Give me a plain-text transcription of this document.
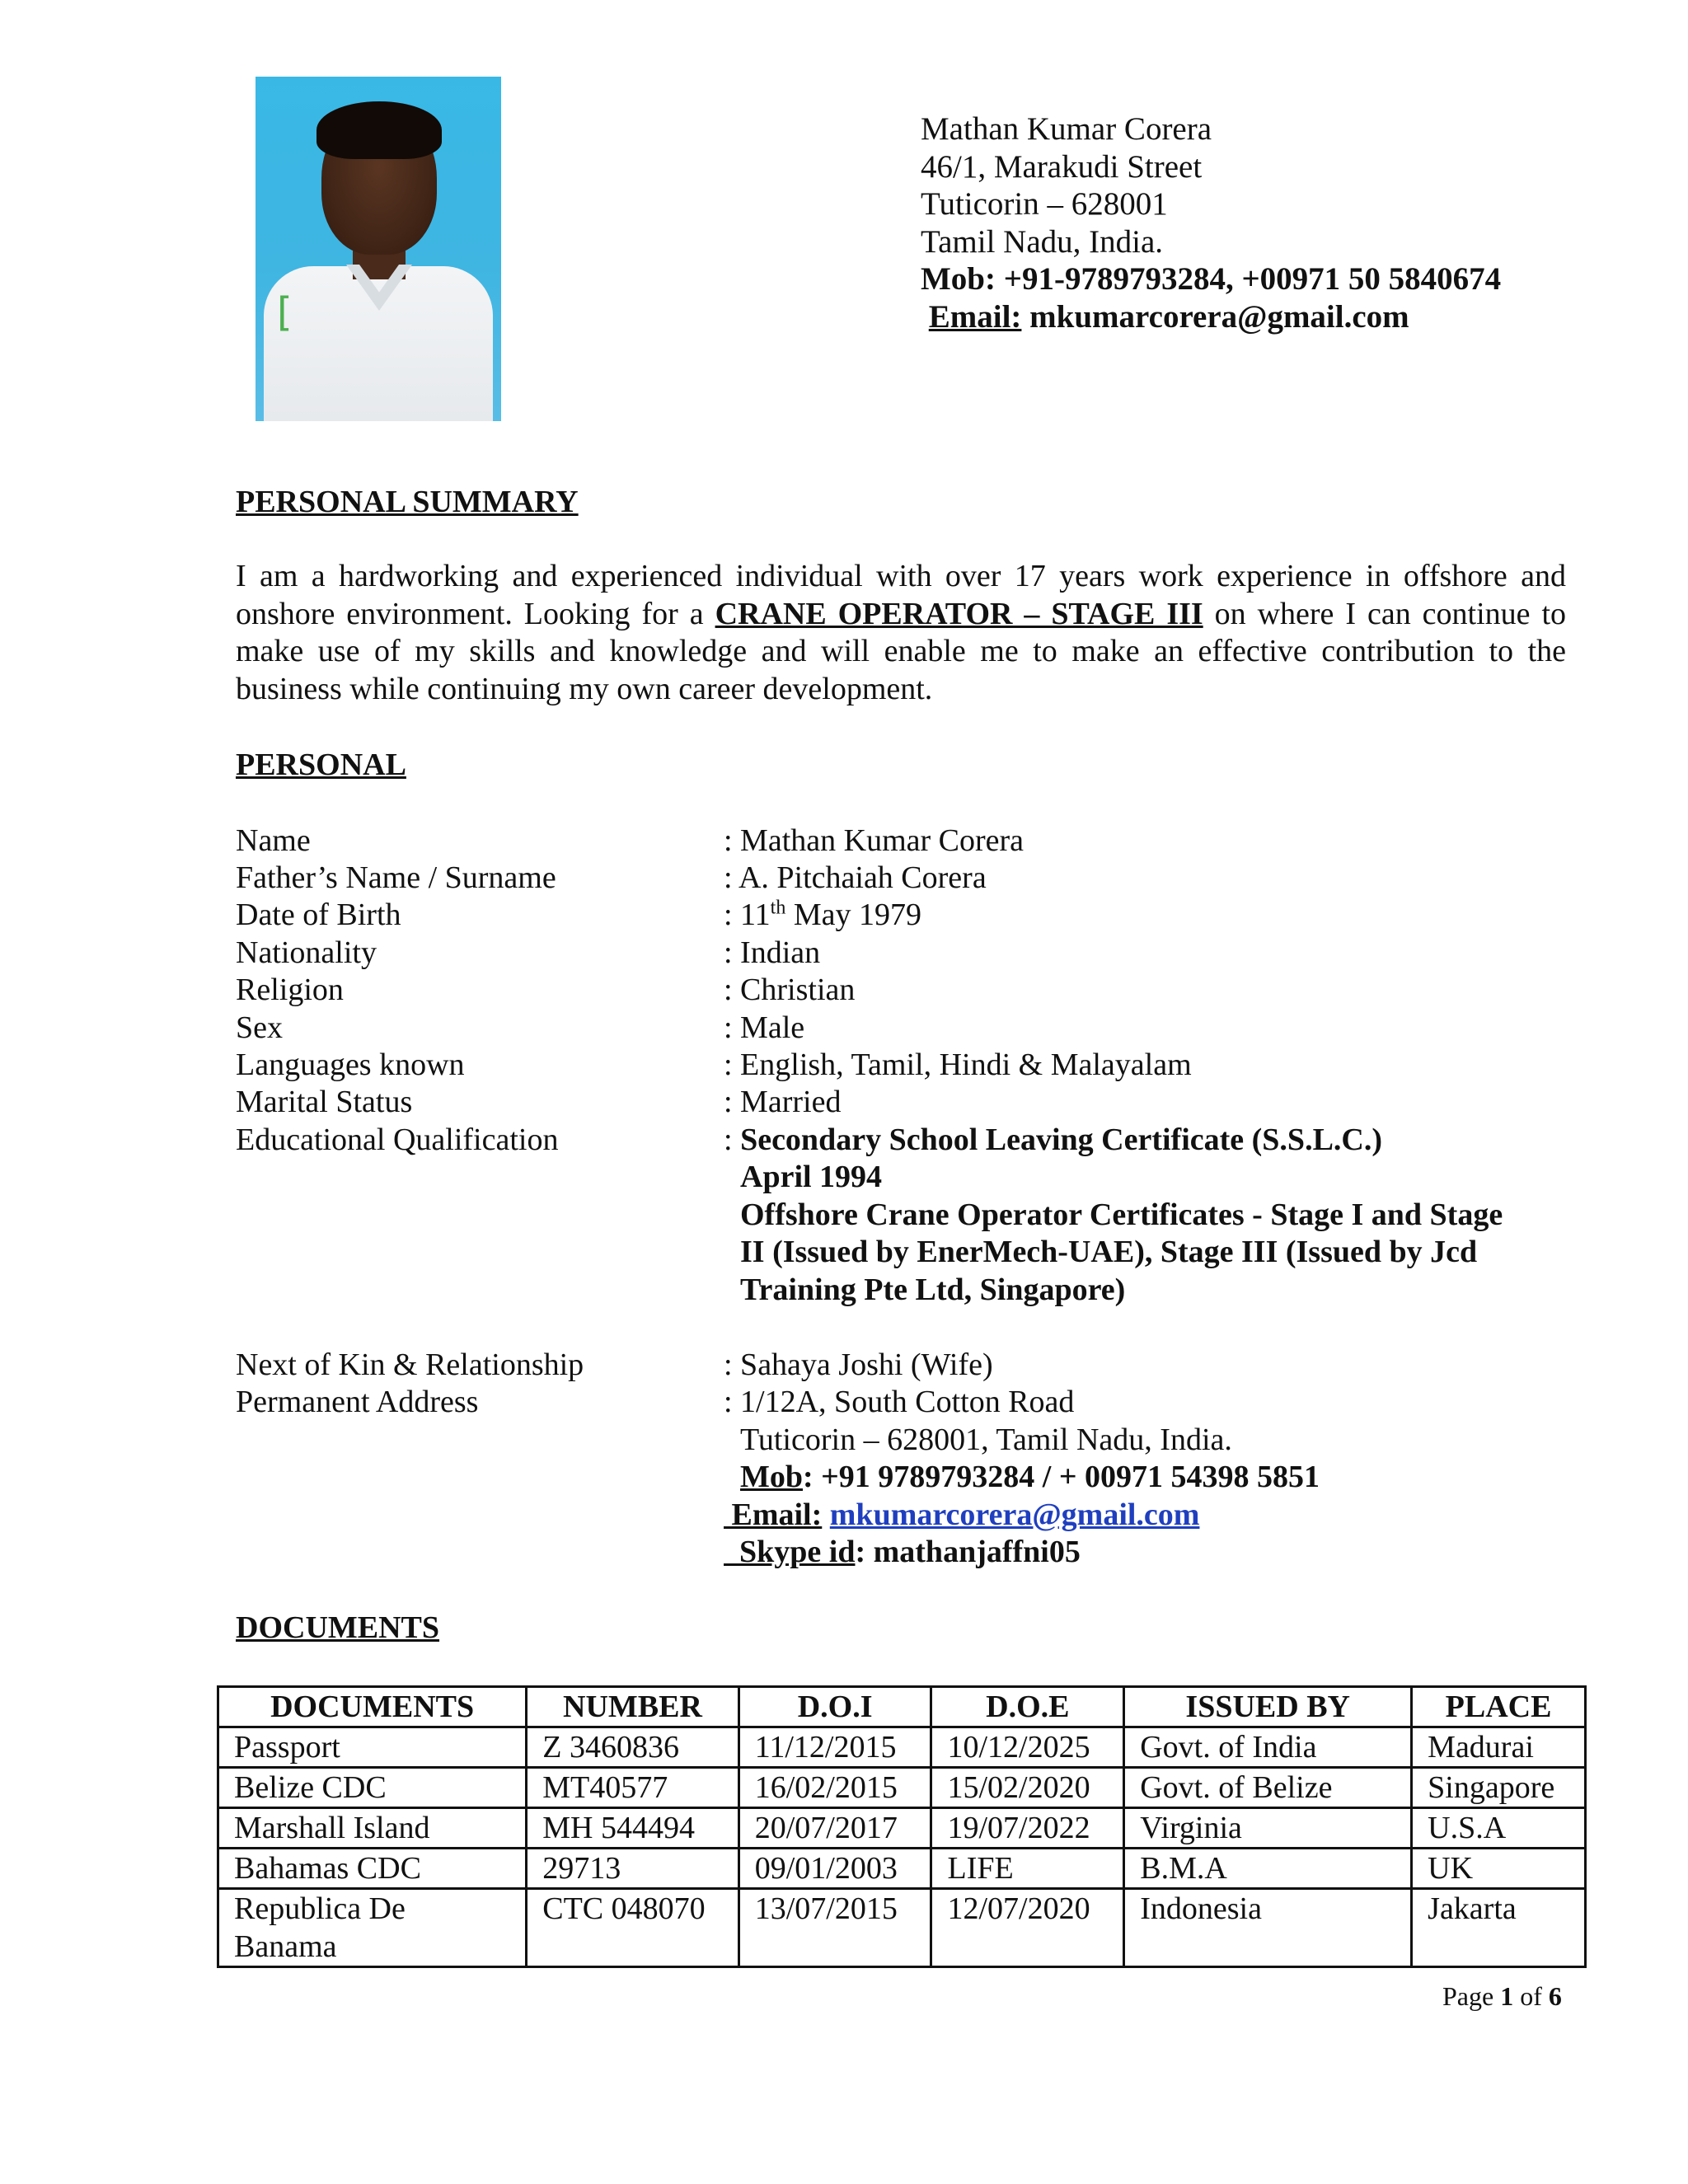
[
Mathan Kumar Corera
46/1, Marakudi Street
Tuticorin – 628001
Tamil Nadu, India.
Mob: +91-9789793284, +00971 50 5840674
Email: mkumarcorera@gmail.com
PERSONAL SUMMARY
I am a hardworking and experienced individual with over 17 years work experience in offshore and onshore environment. Looking for a CRANE OPERATOR – STAGE III on where I can continue to make use of my skills and knowledge and will enable me to make an effective contribution to the business while continuing my own career development.
PERSONAL
Name	: Mathan Kumar Corera
Father’s Name / Surname	: A. Pitchaiah Corera
Date of Birth	: 11th May 1979
Nationality	: Indian
Religion	: Christian
Sex	: Male
Languages known	: English, Tamil, Hindi & Malayalam
Marital Status	: Married
Educational Qualification	: Secondary School Leaving Certificate (S.S.L.C.)
April 1994
Offshore Crane Operator Certificates - Stage I and Stage
II (Issued by EnerMech-UAE), Stage III (Issued by Jcd
Training Pte Ltd, Singapore)
Next of Kin & Relationship	: Sahaya Joshi (Wife)
Permanent Address	: 1/12A, South Cotton Road
Tuticorin – 628001, Tamil Nadu, India.
Mob: +91 9789793284 / + 00971 54398 5851
Email: mkumarcorera@gmail.com
Skype id: mathanjaffni05
DOCUMENTS
DOCUMENTS	NUMBER	D.O.I	D.O.E	ISSUED BY	PLACE
Passport	Z 3460836	11/12/2015	10/12/2025	Govt. of India	Madurai
Belize CDC	MT40577	16/02/2015	15/02/2020	Govt. of Belize	Singapore
Marshall Island	MH 544494	20/07/2017	19/07/2022	Virginia	U.S.A
Bahamas CDC	29713	09/01/2003	LIFE	B.M.A	UK
Republica De Banama	CTC 048070	13/07/2015	12/07/2020	Indonesia	Jakarta
Page 1 of 6
